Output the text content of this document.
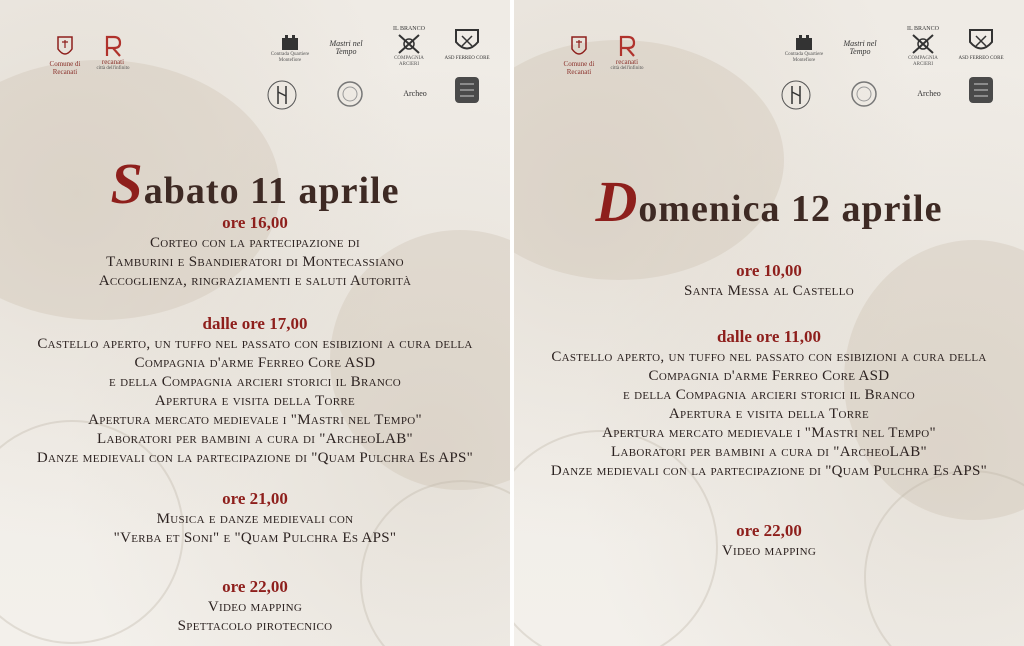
Comune di Recanati
recanati
città dell'infinito
Contrada Quartiere Montefiore
Mastri nel Tempo
IL BRANCO
COMPAGNIA ARCIERI
ASD FERREO CORE
Archeo
Sabato 11 aprile
ore 16,00
Corteo con la partecipazione di
Tamburini e Sbandieratori di Montecassiano
Accoglienza, ringraziamenti e saluti Autorità
dalle ore 17,00
Castello aperto, un tuffo nel passato con esibizioni a cura della
Compagnia d'arme Ferreo Core ASD
e della Compagnia arcieri storici il Branco
Apertura e visita della Torre
Apertura mercato medievale i "Mastri nel Tempo"
Laboratori per bambini a cura di "ArcheoLAB"
Danze medievali con la partecipazione di "Quam Pulchra Es APS"
ore 21,00
Musica e danze medievali con
"Verba et Soni" e "Quam Pulchra Es APS"
ore 22,00
Video mapping
Spettacolo pirotecnico
Comune di Recanati
recanati
città dell'infinito
Contrada Quartiere Montefiore
Mastri nel Tempo
IL BRANCO
COMPAGNIA ARCIERI
ASD FERREO CORE
Archeo
Domenica 12 aprile
ore 10,00
Santa Messa al Castello
dalle ore 11,00
Castello aperto, un tuffo nel passato con esibizioni a cura della
Compagnia d'arme Ferreo Core ASD
e della Compagnia arcieri storici il Branco
Apertura e visita della Torre
Apertura mercato medievale i "Mastri nel Tempo"
Laboratori per bambini a cura di "ArcheoLAB"
Danze medievali con la partecipazione di "Quam Pulchra Es APS"
ore 22,00
Video mapping
